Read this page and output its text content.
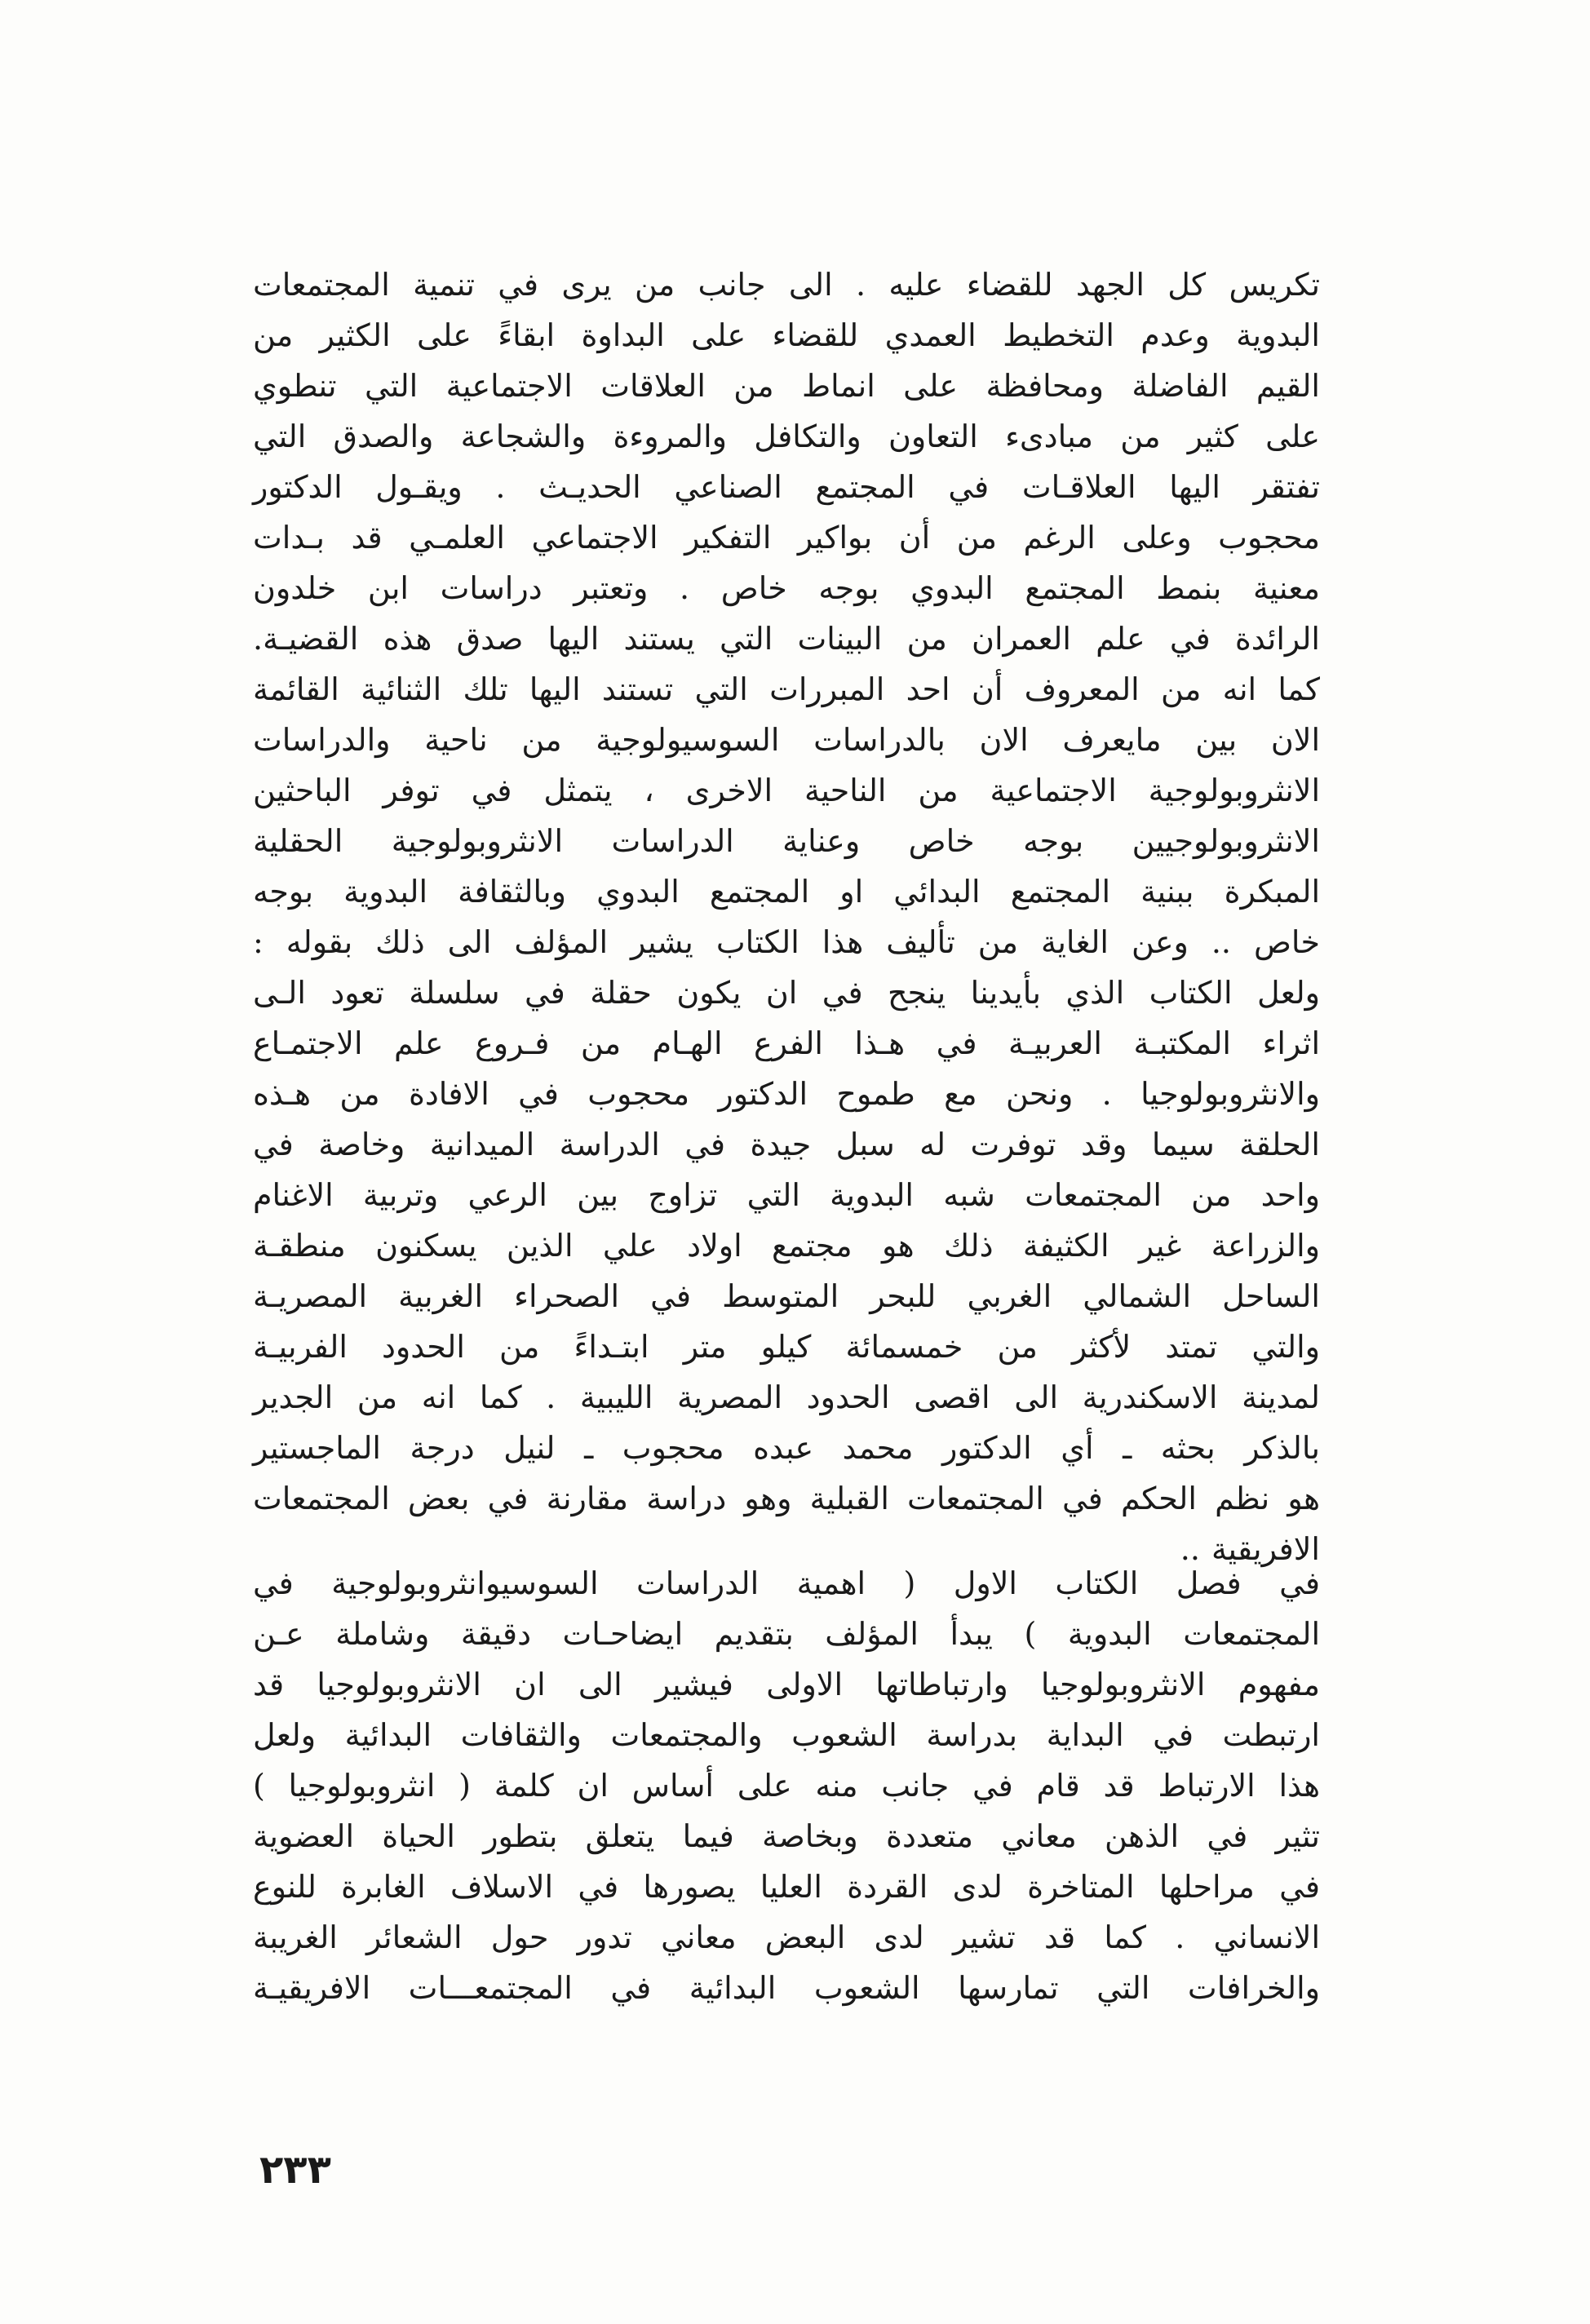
تكريس كل الجهد للقضاء عليه . الى جانب من يرى في تنمية المجتمعات
البدوية وعدم التخطيط العمدي للقضاء على البداوة ابقاءً على الكثير من
القيم الفاضلة ومحافظة على انماط من العلاقات الاجتماعية التي تنطوي
على كثير من مبادىء التعاون والتكافل والمروءة والشجاعة والصدق التي
تفتقر اليها العلاقـات في المجتمع الصناعي الحديـث . ويقـول الدكتور
محجوب وعلى الرغم من أن بواكير التفكير الاجتماعي العلمـي قد بـدات
معنية بنمط المجتمع البدوي بوجه خاص . وتعتبر دراسات ابن خلدون
الرائدة في علم العمران من البينات التي يستند اليها صدق هذه القضيـة.
كما انه من المعروف أن احد المبررات التي تستند اليها تلك الثنائية القائمة
الان بين مايعرف الان بالدراسات السوسيولوجية من ناحية والدراسات
الانثروبولوجية الاجتماعية من الناحية الاخرى ، يتمثل في توفر الباحثين
الانثروبولوجيين بوجه خاص وعناية الدراسات الانثروبولوجية الحقلية
المبكرة ببنية المجتمع البدائي او المجتمع البدوي وبالثقافة البدوية بوجه
خاص .. وعن الغاية من تأليف هذا الكتاب يشير المؤلف الى ذلك بقوله :
ولعل الكتاب الذي بأيدينا ينجح في ان يكون حقلة في سلسلة تعود الـى
اثراء المكتبـة العربيـة في هـذا الفرع الهـام من فـروع علم الاجتمـاع
والانثروبولوجيا . ونحن مع طموح الدكتور محجوب في الافادة من هـذه
الحلقة سيما وقد توفرت له سبل جيدة في الدراسة الميدانية وخاصة في
واحد من المجتمعات شبه البدوية التي تزاوج بين الرعي وتربية الاغنام
والزراعة غير الكثيفة ذلك هو مجتمع اولاد علي الذين يسكنون منطقـة
الساحل الشمالي الغربي للبحر المتوسط في الصحراء الغربية المصريـة
والتي تمتد لأكثر من خمسمائة كيلو متر ابتـداءً من الحدود الفربيـة
لمدينة الاسكندرية الى اقصى الحدود المصرية الليبية . كما انه من الجدير
بالذكر بحثه ـ أي الدكتور محمد عبده محجوب ـ لنيل درجة الماجستير
هو نظم الحكم في المجتمعات القبلية وهو دراسة مقارنة في بعض المجتمعات
الافريقية ..
في فصل الكتاب الاول ( اهمية الدراسات السوسيوانثروبولوجية في
المجتمعات البدوية ) يبدأ المؤلف بتقديم ايضاحـات دقيقة وشاملة عـن
مفهوم الانثروبولوجيا وارتباطاتها الاولى فيشير الى ان الانثروبولوجيا قد
ارتبطت في البداية بدراسة الشعوب والمجتمعات والثقافات البدائية ولعل
هذا الارتباط قد قام في جانب منه على أساس ان كلمة ( انثروبولوجيا )
تثير في الذهن معاني متعددة وبخاصة فيما يتعلق بتطور الحياة العضوية
في مراحلها المتاخرة لدى القردة العليا يصورها في الاسلاف الغابرة للنوع
الانساني . كما قد تشير لدى البعض معاني تدور حول الشعائر الغريبة
والخرافات التي تمارسها الشعوب البدائية في المجتمعـــات الافريقيـة
٢٣٣
